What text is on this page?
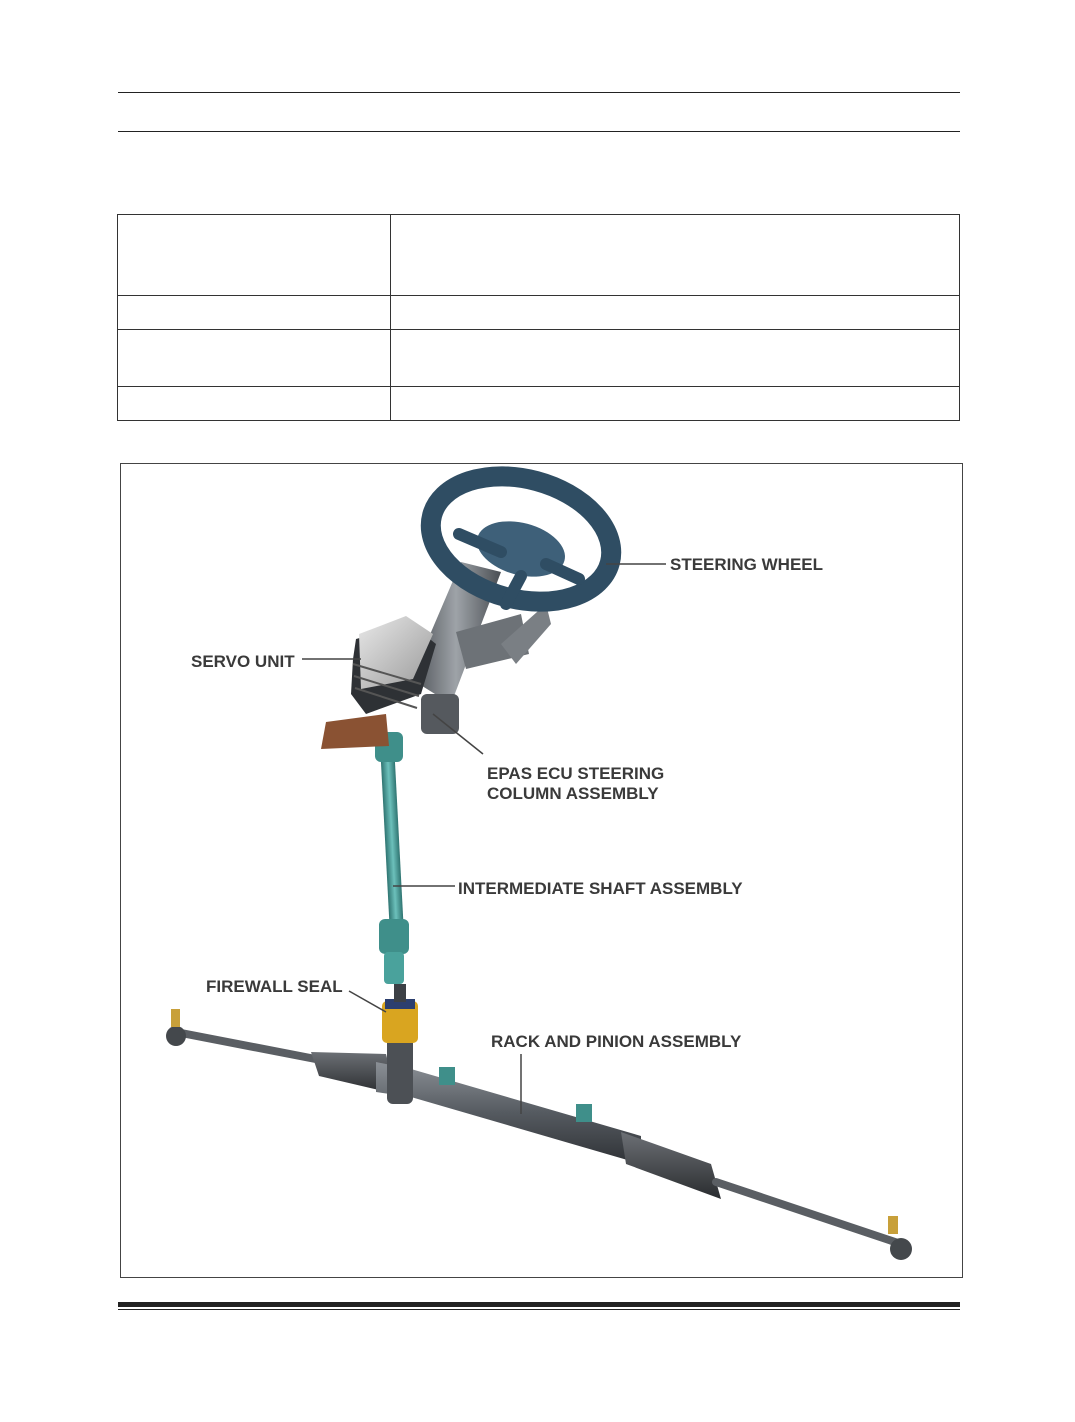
STEERING WHEEL
SERVO UNIT
EPAS ECU STEERING
COLUMN ASSEMBLY
INTERMEDIATE SHAFT ASSEMBLY
FIREWALL SEAL
RACK AND PINION ASSEMBLY
